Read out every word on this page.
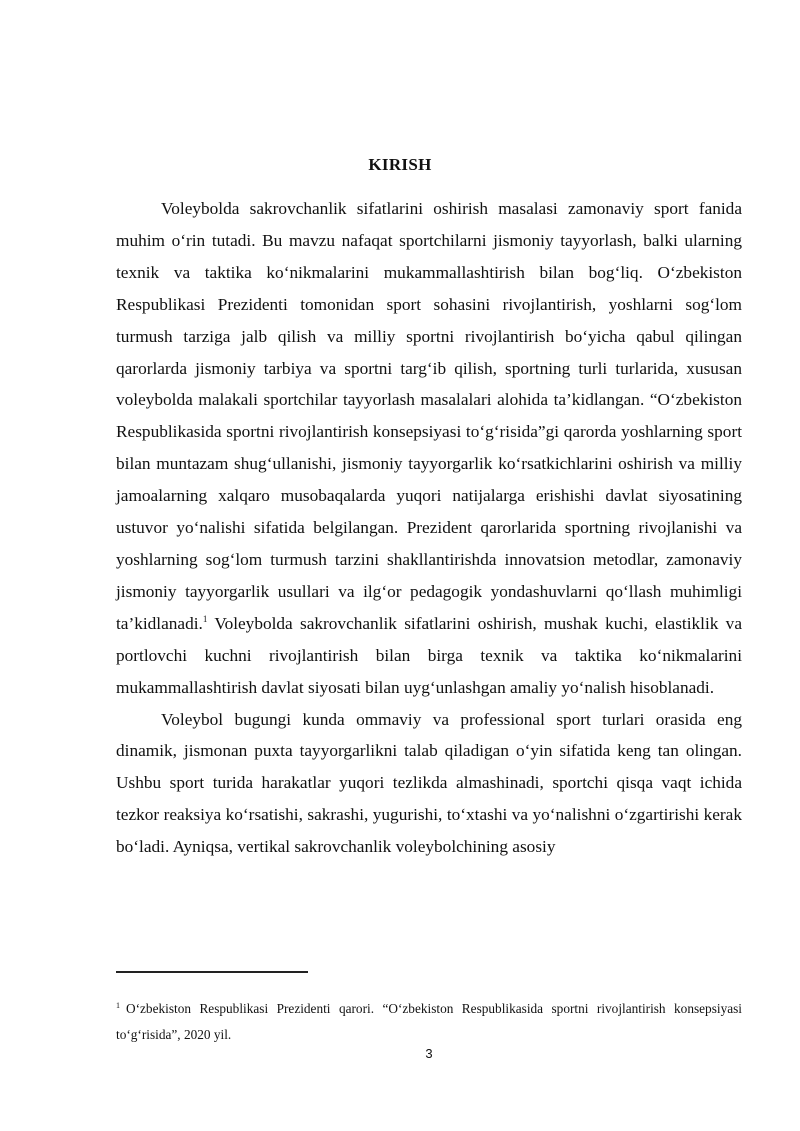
KIRISH

Voleybolda sakrovchanlik sifatlarini oshirish masalasi zamonaviy sport fanida muhim o‘rin tutadi. Bu mavzu nafaqat sportchilarni jismoniy tayyorlash, balki ularning texnik va taktika ko‘nikmalarini mukammallashtirish bilan bog‘liq. O‘zbekiston Respublikasi Prezidenti tomonidan sport sohasini rivojlantirish, yoshlarni sog‘lom turmush tarziga jalb qilish va milliy sportni rivojlantirish bo‘yicha qabul qilingan qarorlarda jismoniy tarbiya va sportni targ‘ib qilish, sportning turli turlarida, xususan voleybolda malakali sportchilar tayyorlash masalalari alohida ta’kidlangan. “O‘zbekiston Respublikasida sportni rivojlantirish konsepsiyasi to‘g‘risida”gi qarorda yoshlarning sport bilan muntazam shug‘ullanishi, jismoniy tayyorgarlik ko‘rsatkichlarini oshirish va milliy jamoalarning xalqaro musobaqalarda yuqori natijalarga erishishi davlat siyosatining ustuvor yo‘nalishi sifatida belgilangan. Prezident qarorlarida sportning rivojlanishi va yoshlarning sog‘lom turmush tarzini shakllantirishda innovatsion metodlar, zamonaviy jismoniy tayyorgarlik usullari va ilg‘or pedagogik yondashuvlarni qo‘llash muhimligi ta’kidlanadi.$^1$ Voleybolda sakrovchanlik sifatlarini oshirish, mushak kuchi, elastiklik va portlovchi kuchni rivojlantirish bilan birga texnik va taktika ko‘nikmalarini mukammallashtirish davlat siyosati bilan uyg‘unlashgan amaliy yo‘nalish hisoblanadi.

Voleybol bugungi kunda ommaviy va professional sport turlari orasida eng dinamik, jismonan puxta tayyorgarlikni talab qiladigan o‘yin sifatida keng tan olingan. Ushbu sport turida harakatlar yuqori tezlikda almashinadi, sportchi qisqa vaqt ichida tezkor reaksiya ko‘rsatishi, sakrashi, yugurishi, to‘xtashi va yo‘nalishni o‘zgartirishi kerak bo‘ladi. Ayniqsa, vertikal sakrovchanlik voleybolchining asosiy

$^1$ O‘zbekiston Respublikasi Prezidenti qarori. “O‘zbekiston Respublikasida sportni rivojlantirish konsepsiyasi to‘g‘risida”, 2020 yil.
3
